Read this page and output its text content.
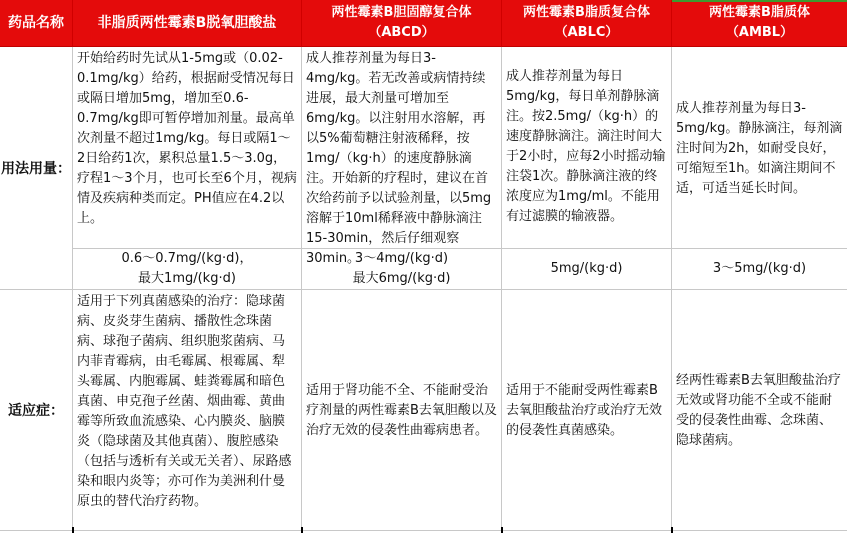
药品名称 非脂质两性霉素B脱氧胆酸盐
两性霉素B胆固醇复合体
（ABCD）
两性霉素B脂质复合体
（ABLC）
两性霉素B脂质体
（AMBL）
用法用量：
开始给药时先试从1-5mg或（0.02-0.1mg/kg）给药，根据耐受情况每日或隔日增加5mg，增加至0.6-0.7mg/kg即可暂停增加剂量。最高单次剂量不超过1mg/kg。每日或隔1～2日给药1次，累积总量1.5～3.0g，疗程1～3个月，也可长至6个月，视病情及疾病种类而定。PH值应在4.2以上。
成人推荐剂量为每日3-4mg/kg。若无改善或病情持续进展，最大剂量可增加至6mg/kg。以注射用水溶解，再以5%葡萄糖注射液稀释，按1mg/（kg·h）的速度静脉滴注。开始新的疗程时，建议在首次给药前予以试验剂量，以5mg溶解于10ml稀释液中静脉滴注15-30min，然后仔细观察30min。
成人推荐剂量为每日5mg/kg，每日单剂静脉滴注。按2.5mg/（kg·h）的速度静脉滴注。滴注时间大于2小时，应每2小时摇动输注袋1次。静脉滴注液的终浓度应为1mg/ml。不能用有过滤膜的输液器。
成人推荐剂量为每日3-5mg/kg。静脉滴注，每剂滴注时间为2h，如耐受良好，可缩短至1h。如滴注期间不适，可适当延长时间。
0.6～0.7mg/(kg·d)，
最大1mg/(kg·d)
3～4mg/(kg·d)
最大6mg/(kg·d)
5mg/(kg·d)	3～5mg/(kg·d)
适应症：
适用于下列真菌感染的治疗：隐球菌病、皮炎芽生菌病、播散性念珠菌病、球孢子菌病、组织胞浆菌病、马内菲青霉病，由毛霉属、根霉属、犁头霉属、内胞霉属、蛙粪霉属和暗色真菌、申克孢子丝菌、烟曲霉、黄曲霉等所致血流感染、心内膜炎、脑膜炎（隐球菌及其他真菌）、腹腔感染（包括与透析有关或无关者）、尿路感染和眼内炎等；亦可作为美洲利什曼原虫的替代治疗药物。
适用于肾功能不全、不能耐受治疗剂量的两性霉素B去氧胆酸以及治疗无效的侵袭性曲霉病患者。
适用于不能耐受两性霉素B去氧胆酸盐治疗或治疗无效的侵袭性真菌感染。
经两性霉素B去氧胆酸盐治疗无效或肾功能不全或不能耐受的侵袭性曲霉、念珠菌、隐球菌病。
